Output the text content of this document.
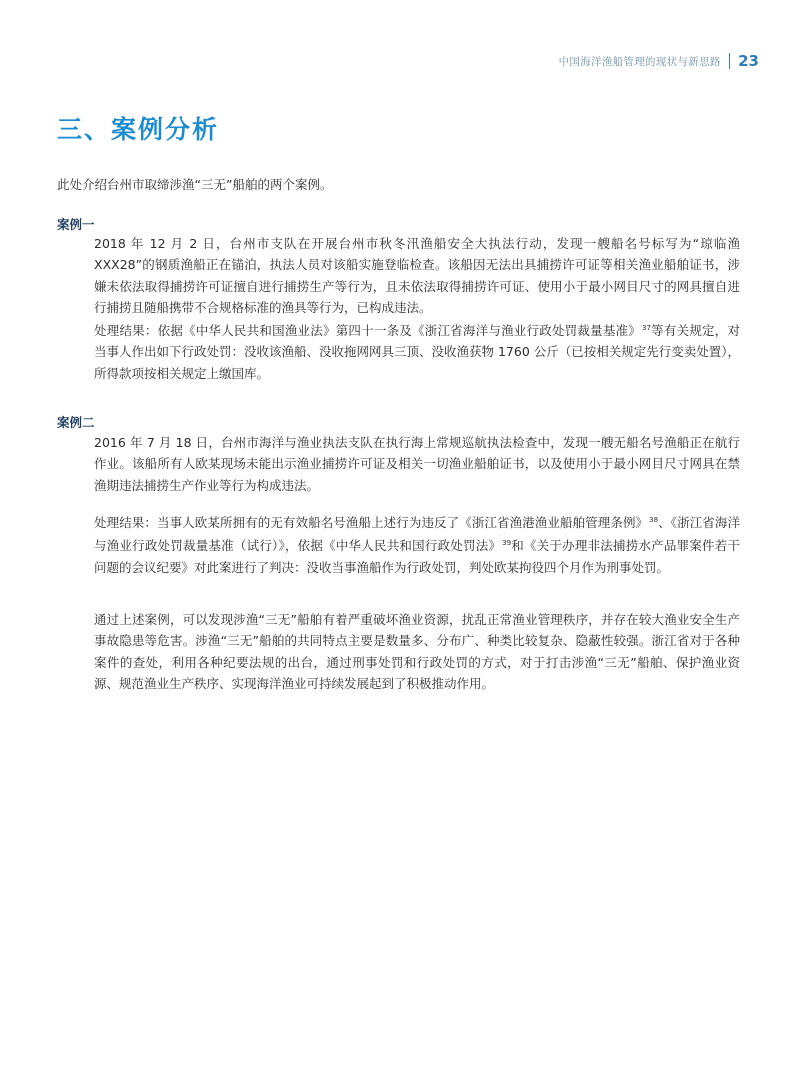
中国海洋渔船管理的现状与新思路 23
三、案例分析
此处介绍台州市取缔涉渔“三无”船舶的两个案例。
案例一
2018 年 12 月 2 日，台州市支队在开展台州市秋冬汛渔船安全大执法行动，发现一艘船名号标写为“琼临渔XXX28”的钢质渔船正在锚泊，执法人员对该船实施登临检查。该船因无法出具捕捞许可证等相关渔业船舶证书，涉嫌未依法取得捕捞许可证擅自进行捕捞生产等行为，且未依法取得捕捞许可证、使用小于最小网目尺寸的网具擅自进行捕捞且随船携带不合规格标准的渔具等行为，已构成违法。
处理结果：依据《中华人民共和国渔业法》第四十一条及《浙江省海洋与渔业行政处罚裁量基准》$^{37}$等有关规定，对当事人作出如下行政处罚：没收该渔船、没收拖网网具三顶、没收渔获物 1760 公斤（已按相关规定先行变卖处置），所得款项按相关规定上缴国库。
案例二
2016 年 7 月 18 日，台州市海洋与渔业执法支队在执行海上常规巡航执法检查中，发现一艘无船名号渔船正在航行作业。该船所有人欧某现场未能出示渔业捕捞许可证及相关一切渔业船舶证书，以及使用小于最小网目尺寸网具在禁渔期违法捕捞生产作业等行为构成违法。
处理结果：当事人欧某所拥有的无有效船名号渔船上述行为违反了《浙江省渔港渔业船舶管理条例》$^{38}$、《浙江省海洋与渔业行政处罚裁量基准（试行）》，依据《中华人民共和国行政处罚法》$^{39}$和《关于办理非法捕捞水产品罪案件若干问题的会议纪要》对此案进行了判决：没收当事渔船作为行政处罚，判处欧某拘役四个月作为刑事处罚。
通过上述案例，可以发现涉渔“三无”船舶有着严重破坏渔业资源，扰乱正常渔业管理秩序，并存在较大渔业安全生产事故隐患等危害。涉渔“三无”船舶的共同特点主要是数量多、分布广、种类比较复杂、隐蔽性较强。浙江省对于各种案件的查处，利用各种纪要法规的出台，通过刑事处罚和行政处罚的方式，对于打击涉渔“三无”船舶、保护渔业资源、规范渔业生产秩序、实现海洋渔业可持续发展起到了积极推动作用。
